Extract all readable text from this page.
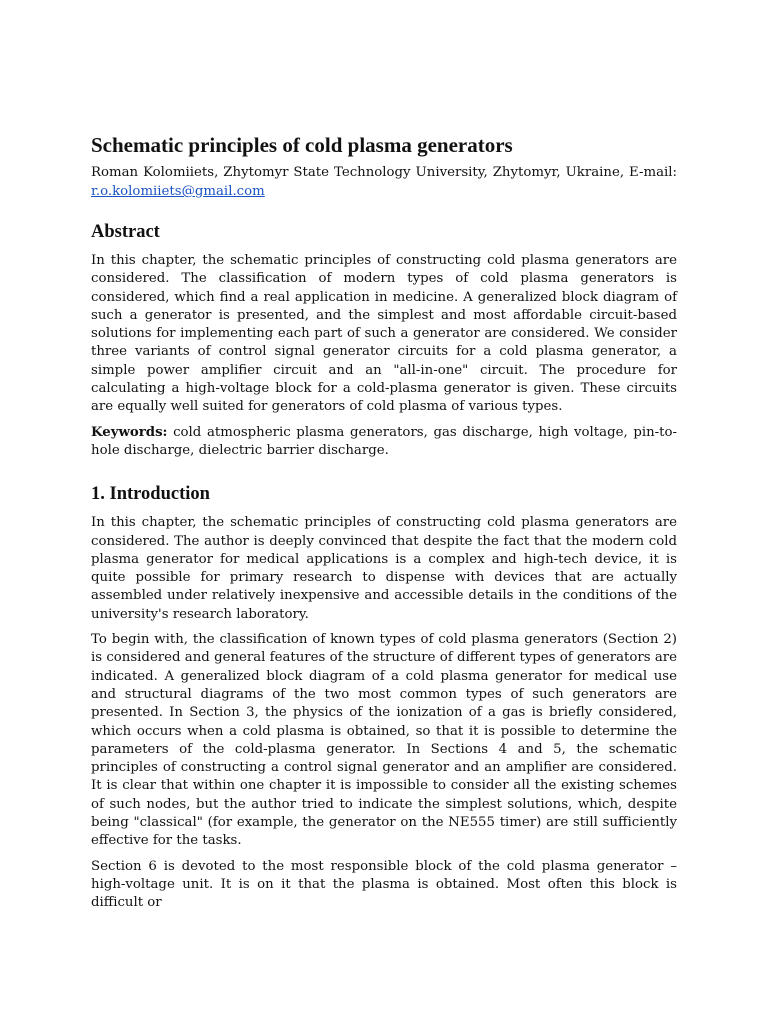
Schematic principles of cold plasma generators

Roman Kolomiiets, Zhytomyr State Technology University, Zhytomyr, Ukraine, E-mail: r.o.kolomiiets@gmail.com

Abstract

In this chapter, the schematic principles of constructing cold plasma generators are considered. The classification of modern types of cold plasma generators is considered, which find a real application in medicine. A generalized block diagram of such a generator is presented, and the simplest and most affordable circuit-based solutions for implementing each part of such a generator are considered. We consider three variants of control signal generator circuits for a cold plasma generator, a simple power amplifier circuit and an "all-in-one" circuit. The procedure for calculating a high-voltage block for a cold-plasma generator is given. These circuits are equally well suited for generators of cold plasma of various types.

Keywords: cold atmospheric plasma generators, gas discharge, high voltage, pin-to-hole discharge, dielectric barrier discharge.

1. Introduction

In this chapter, the schematic principles of constructing cold plasma generators are considered. The author is deeply convinced that despite the fact that the modern cold plasma generator for medical applications is a complex and high-tech device, it is quite possible for primary research to dispense with devices that are actually assembled under relatively inexpensive and accessible details in the conditions of the university's research laboratory.

To begin with, the classification of known types of cold plasma generators (Section 2) is considered and general features of the structure of different types of generators are indicated. A generalized block diagram of a cold plasma generator for medical use and structural diagrams of the two most common types of such generators are presented. In Section 3, the physics of the ionization of a gas is briefly considered, which occurs when a cold plasma is obtained, so that it is possible to determine the parameters of the cold-plasma generator. In Sections 4 and 5, the schematic principles of constructing a control signal generator and an amplifier are considered. It is clear that within one chapter it is impossible to consider all the existing schemes of such nodes, but the author tried to indicate the simplest solutions, which, despite being "classical" (for example, the generator on the NE555 timer) are still sufficiently effective for the tasks.

Section 6 is devoted to the most responsible block of the cold plasma generator – high-voltage unit. It is on it that the plasma is obtained. Most often this block is difficult or
